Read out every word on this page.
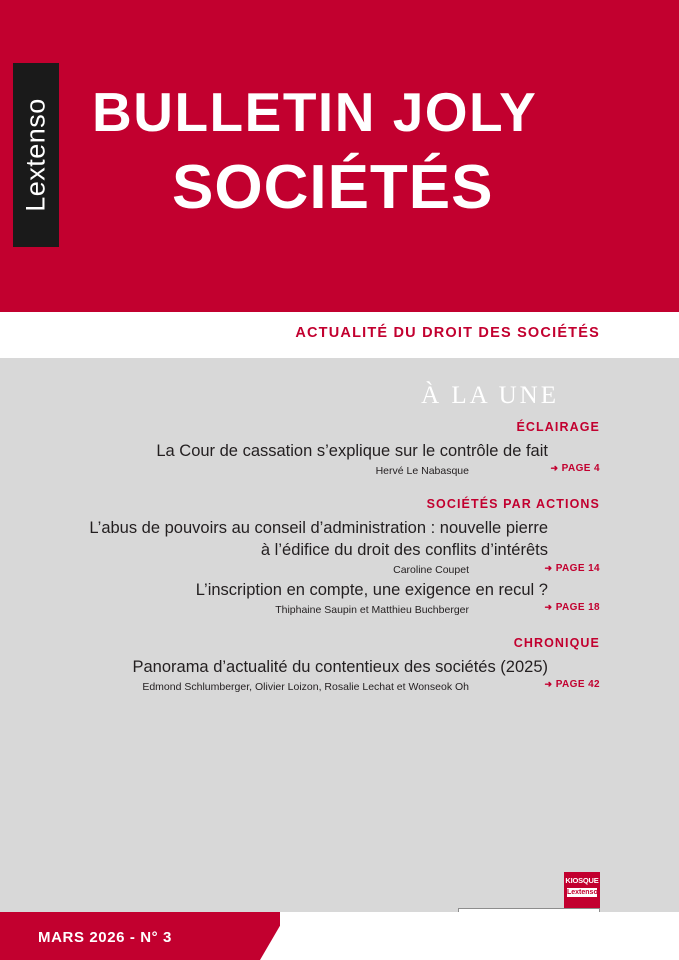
Lextenso BULLETIN JOLY
SOCIÉTÉS
ACTUALITÉ DU DROIT DES SOCIÉTÉS
À LA UNE
ÉCLAIRAGE
La Cour de cassation s’explique sur le contrôle de fait
➜ PAGE 4
Hervé Le Nabasque
SOCIÉTÉS PAR ACTIONS
L’abus de pouvoirs au conseil d’administration : nouvelle pierre
à l’édifice du droit des conflits d’intérêts
➜ PAGE 14
Caroline Coupet
L’inscription en compte, une exigence en recul ?
➜ PAGE 18
Thiphaine Saupin et Matthieu Buchberger
CHRONIQUE
Panorama d’actualité du contentieux des sociétés (2025)
➜ PAGE 42
Edmond Schlumberger, Olivier Loizon, Rosalie Lechat et Wonseok Oh
KIOSQUE
Lextenso
MARS 2026 - N° 3
